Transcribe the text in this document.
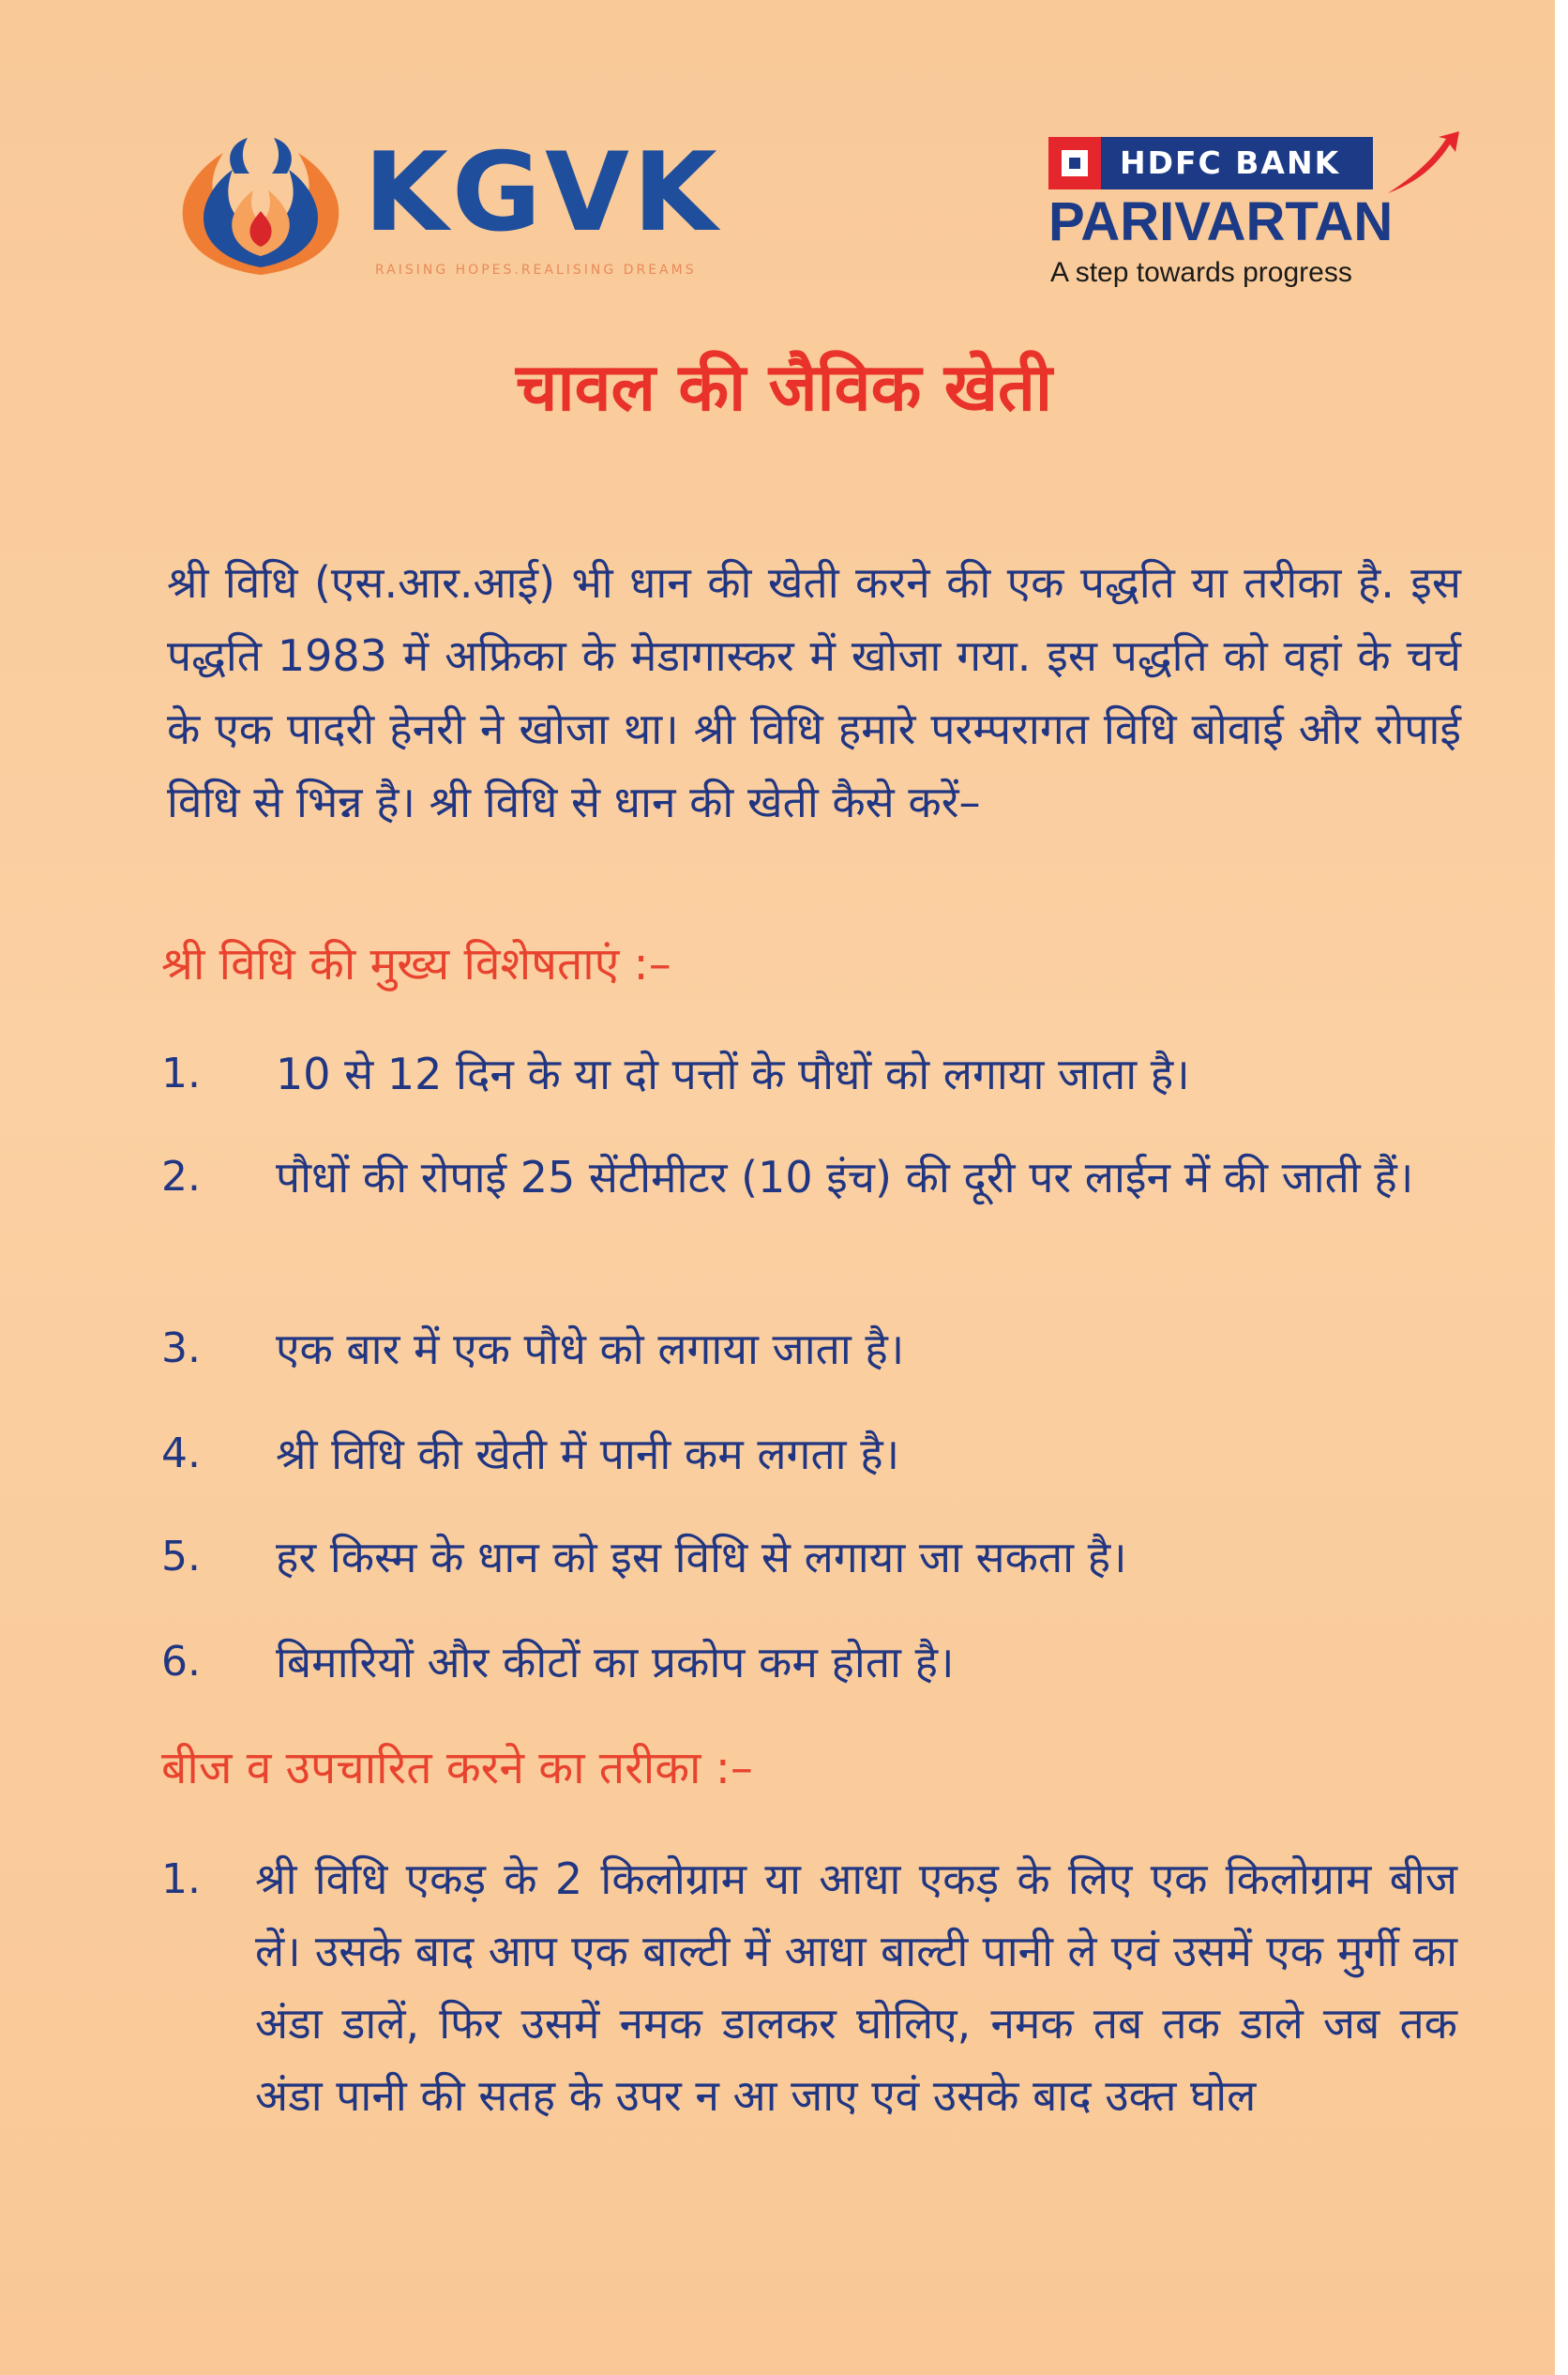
KGVK
RAISING HOPES.REALISING DREAMS
HDFC BANK
PARIVARTAN
A step towards progress
चावल की जैविक खेती

श्री विधि (एस.आर.आई) भी धान की खेती करने की एक पद्धति या तरीका है. इस पद्धति 1983 में अफ्रिका के मेडागास्कर में खोजा गया. इस पद्धति को वहां के चर्च के एक पादरी हेनरी ने खोजा था। श्री विधि हमारे परम्परागत विधि बोवाई और रोपाई विधि से भिन्न है। श्री विधि से धान की खेती कैसे करें–

श्री विधि की मुख्य विशेषताएं :–

1. 10 से 12 दिन के या दो पत्तों के पौधों को लगाया जाता है।

2. पौधों की रोपाई 25 सेंटीमीटर (10 इंच) की दूरी पर लाईन में की जाती हैं।

3. एक बार में एक पौधे को लगाया जाता है।

4. श्री विधि की खेती में पानी कम लगता है।

5. हर किस्म के धान को इस विधि से लगाया जा सकता है।

6. बिमारियों और कीटों का प्रकोप कम होता है।

बीज व उपचारित करने का तरीका :–

1. श्री विधि एकड़ के 2 किलोग्राम या आधा एकड़ के लिए एक किलोग्राम बीज लें। उसके बाद आप एक बाल्टी में आधा बाल्टी पानी ले एवं उसमें एक मुर्गी का अंडा डालें, फिर उसमें नमक डालकर घोलिए, नमक तब तक डाले जब तक अंडा पानी की सतह के उपर न आ जाए एवं उसके बाद उक्त घोल
